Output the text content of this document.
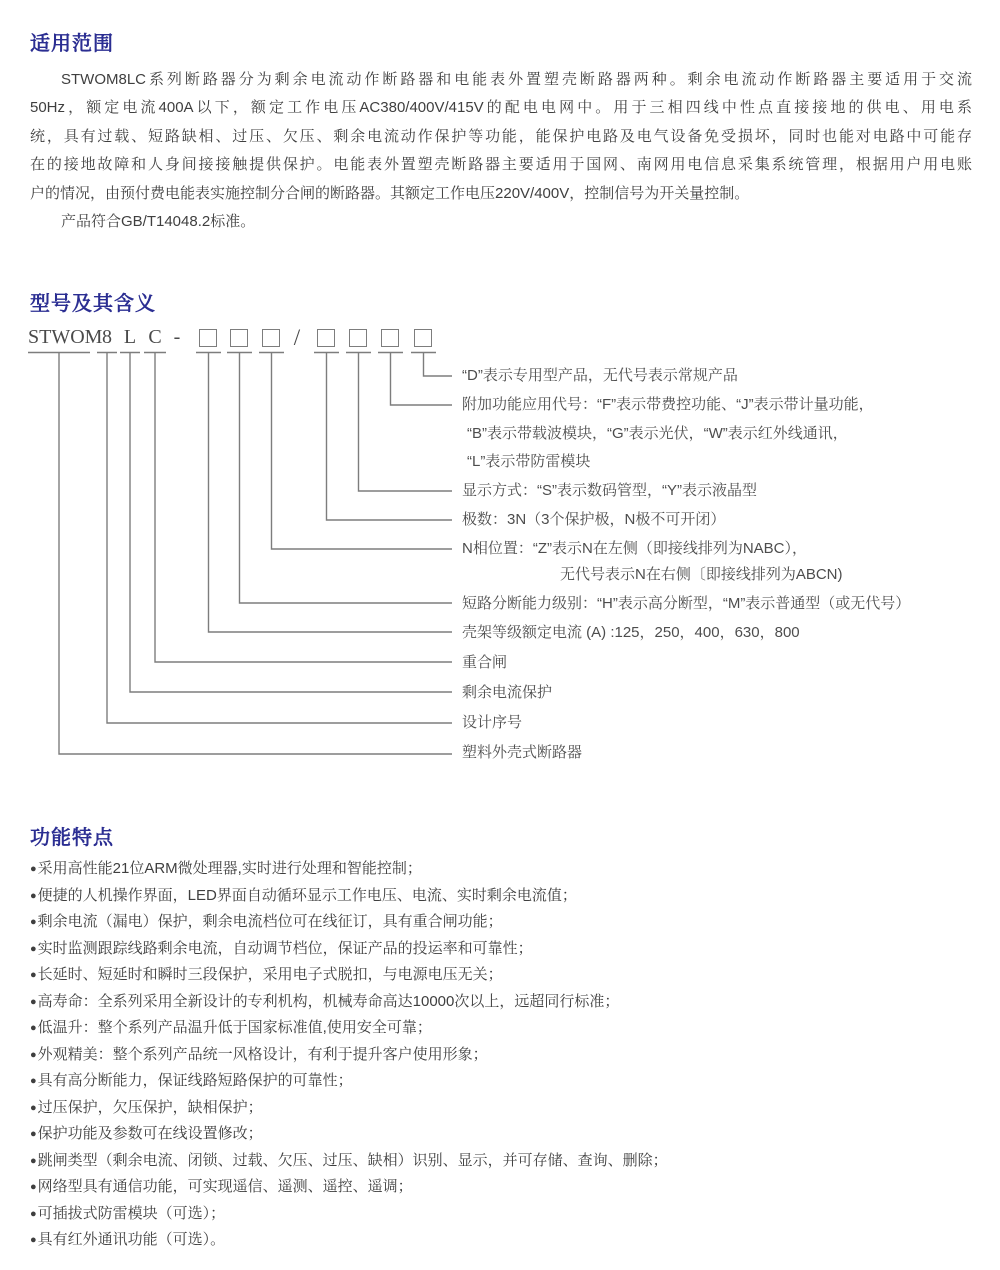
适用范围
STWOM8LC系列断路器分为剩余电流动作断路器和电能表外置塑壳断路器两种。剩余电流动作断路器主要适用于交流
50Hz，额定电流400A以下，额定工作电压AC380/400V/415V的配电电网中。用于三相四线中性点直接接地的供电、用电系
统，具有过载、短路缺相、过压、欠压、剩余电流动作保护等功能，能保护电路及电气设备免受损坏，同时也能对电路中可能存
在的接地故障和人身间接接触提供保护。电能表外置塑壳断路器主要适用于国网、南网用电信息采集系统管理，根据用户用电账
户的情况，由预付费电能表实施控制分合闸的断路器。其额定工作电压220V/400V，控制信号为开关量控制。
产品符合GB/T14048.2标准。
型号及其含义
STWOM 8 L C -	/
“D”表示专用型产品，无代号表示常规产品
附加功能应用代号：“F”表示带费控功能、“J”表示带计量功能，
“B”表示带载波模块，“G”表示光伏，“W”表示红外线通讯，
“L”表示带防雷模块
显示方式：“S”表示数码管型，“Y”表示液晶型
极数：3N（3个保护极，N极不可开闭）
N相位置：“Z”表示N在左侧（即接线排列为NABC），
无代号表示N在右侧〔即接线排列为ABCN)
短路分断能力级别：“H”表示高分断型，“M”表示普通型（或无代号）
壳架等级额定电流 (A) :125，250，400，630，800
重合闸
剩余电流保护
设计序号
塑料外壳式断路器
功能特点
●采用高性能21位ARM微处理器,实时进行处理和智能控制；
●便捷的人机操作界面，LED界面自动循环显示工作电压、电流、实时剩余电流值；
●剩余电流（漏电）保护，剩余电流档位可在线征订，具有重合闸功能；
●实时监测跟踪线路剩余电流，自动调节档位，保证产品的投运率和可靠性；
●长延时、短延时和瞬时三段保护，采用电子式脱扣，与电源电压无关；
●高寿命：全系列采用全新设计的专利机构，机械寿命高达10000次以上，远超同行标准；
●低温升：整个系列产品温升低于国家标准值,使用安全可靠；
●外观精美：整个系列产品统一风格设计，有利于提升客户使用形象；
●具有高分断能力，保证线路短路保护的可靠性；
●过压保护，欠压保护，缺相保护；
●保护功能及参数可在线设置修改；
●跳闸类型（剩余电流、闭锁、过载、欠压、过压、缺相）识别、显示，并可存储、查询、删除；
●网络型具有通信功能，可实现遥信、遥测、遥控、遥调；
●可插拔式防雷模块（可选）；
●具有红外通讯功能（可选）。
